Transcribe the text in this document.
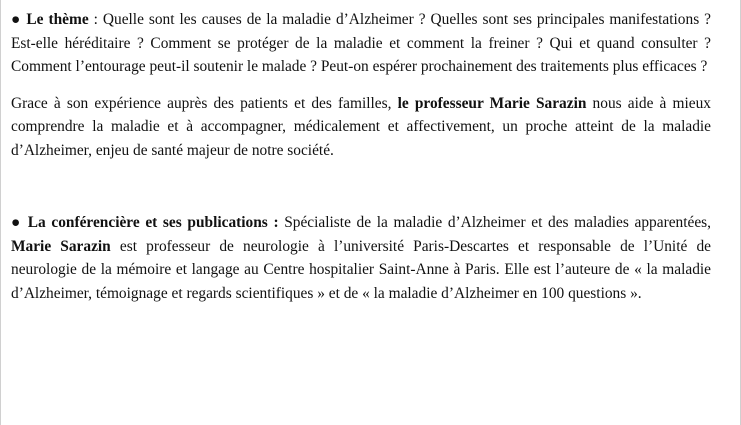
● Le thème : Quelle sont les causes de la maladie d’Alzheimer ? Quelles sont ses principales manifestations ? Est-elle héréditaire ? Comment se protéger de la maladie et comment la freiner ? Qui et quand consulter ? Comment l’entourage peut-il soutenir le malade ? Peut-on espérer prochainement des traitements plus efficaces ?

Grace à son expérience auprès des patients et des familles, le professeur Marie Sarazin nous aide à mieux comprendre la maladie et à accompagner, médicalement et affectivement, un proche atteint de la maladie d’Alzheimer, enjeu de santé majeur de notre société.

● La conférencière et ses publications : Spécialiste de la maladie d’Alzheimer et des maladies apparentées, Marie Sarazin est professeur de neurologie à l’université Paris-Descartes et responsable de l’Unité de neurologie de la mémoire et langage au Centre hospitalier Saint-Anne à Paris. Elle est l’auteure de « la maladie d’Alzheimer, témoignage et regards scientifiques » et de « la maladie d’Alzheimer en 100 questions ».
